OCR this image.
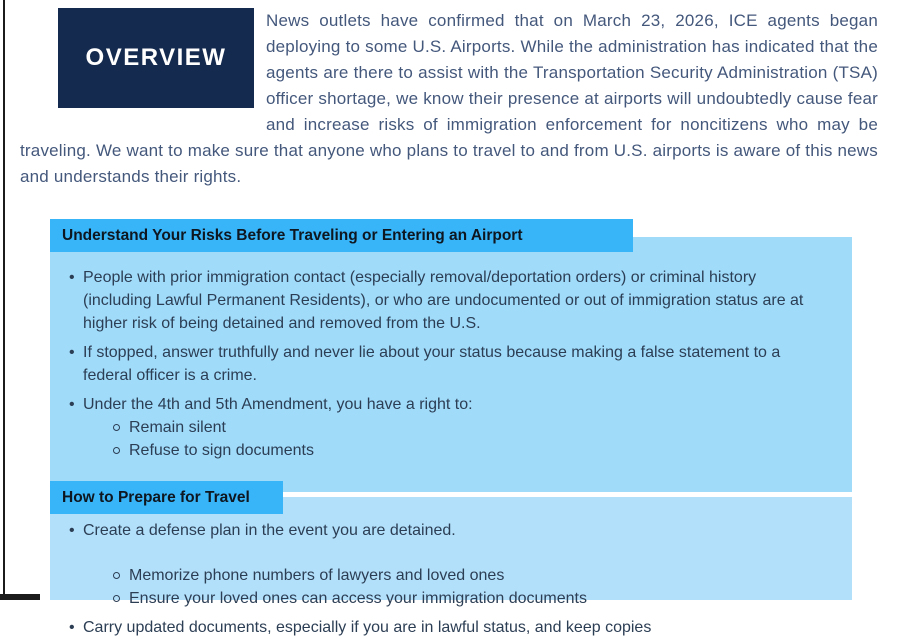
OVERVIEW
News outlets have confirmed that on March 23, 2026, ICE agents began deploying to some U.S. Airports. While the administration has indicated that the agents are there to assist with the Transportation Security Administration (TSA) officer shortage, we know their presence at airports will undoubtedly cause fear and increase risks of immigration enforcement for noncitizens who may be traveling. We want to make sure that anyone who plans to travel to and from U.S. airports is aware of this news and understands their rights.
• People with prior immigration contact (especially removal/deportation orders) or criminal history (including Lawful Permanent Residents), or who are undocumented or out of immigration status are at higher risk of being detained and removed from the U.S.
• If stopped, answer truthfully and never lie about your status because making a false statement to a federal officer is a crime.
• Under the 4th and 5th Amendment, you have a right to:
Remain silent
Refuse to sign documents
Understand Your Risks Before Traveling or Entering an Airport
• Create a defense plan in the event you are detained.
Memorize phone numbers of lawyers and loved ones
Ensure your loved ones can access your immigration documents
• Carry updated documents, especially if you are in lawful status, and keep copies
How to Prepare for Travel
